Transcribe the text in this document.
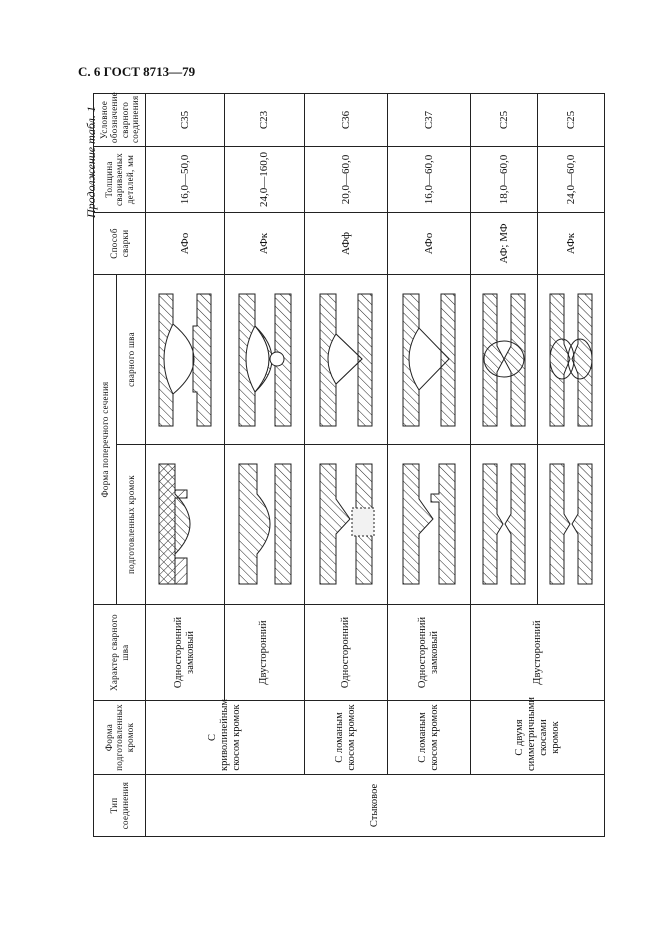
С. 6 ГОСТ 8713—79
Продолжение табл. 1
Тип соединения	Форма подготовленных кромок	Характер сварного шва	Форма поперечного сечения		Способ сварки	Толщина свариваемых деталей, мм	Условное обозначение сварного соединения
			подготовленных кромок	сварного шва			
Стыковое	С криволинейным скосом кромок	Односторонний замковый			АФо	16,0—50,0	С35
		Двусторонний			АФк	24,0—160,0	С23
	С ломаным скосом кромок	Односторонний			АФф	20,0—60,0	С36
	С ломаным скосом кромок	Односторонний замковый			АФо	16,0—60,0	С37
	С двумя симметричными скосами кромок	Двусторонний			АФ; МФ	18,0—60,0	С25

	АФк	24,0—60,0	С25
